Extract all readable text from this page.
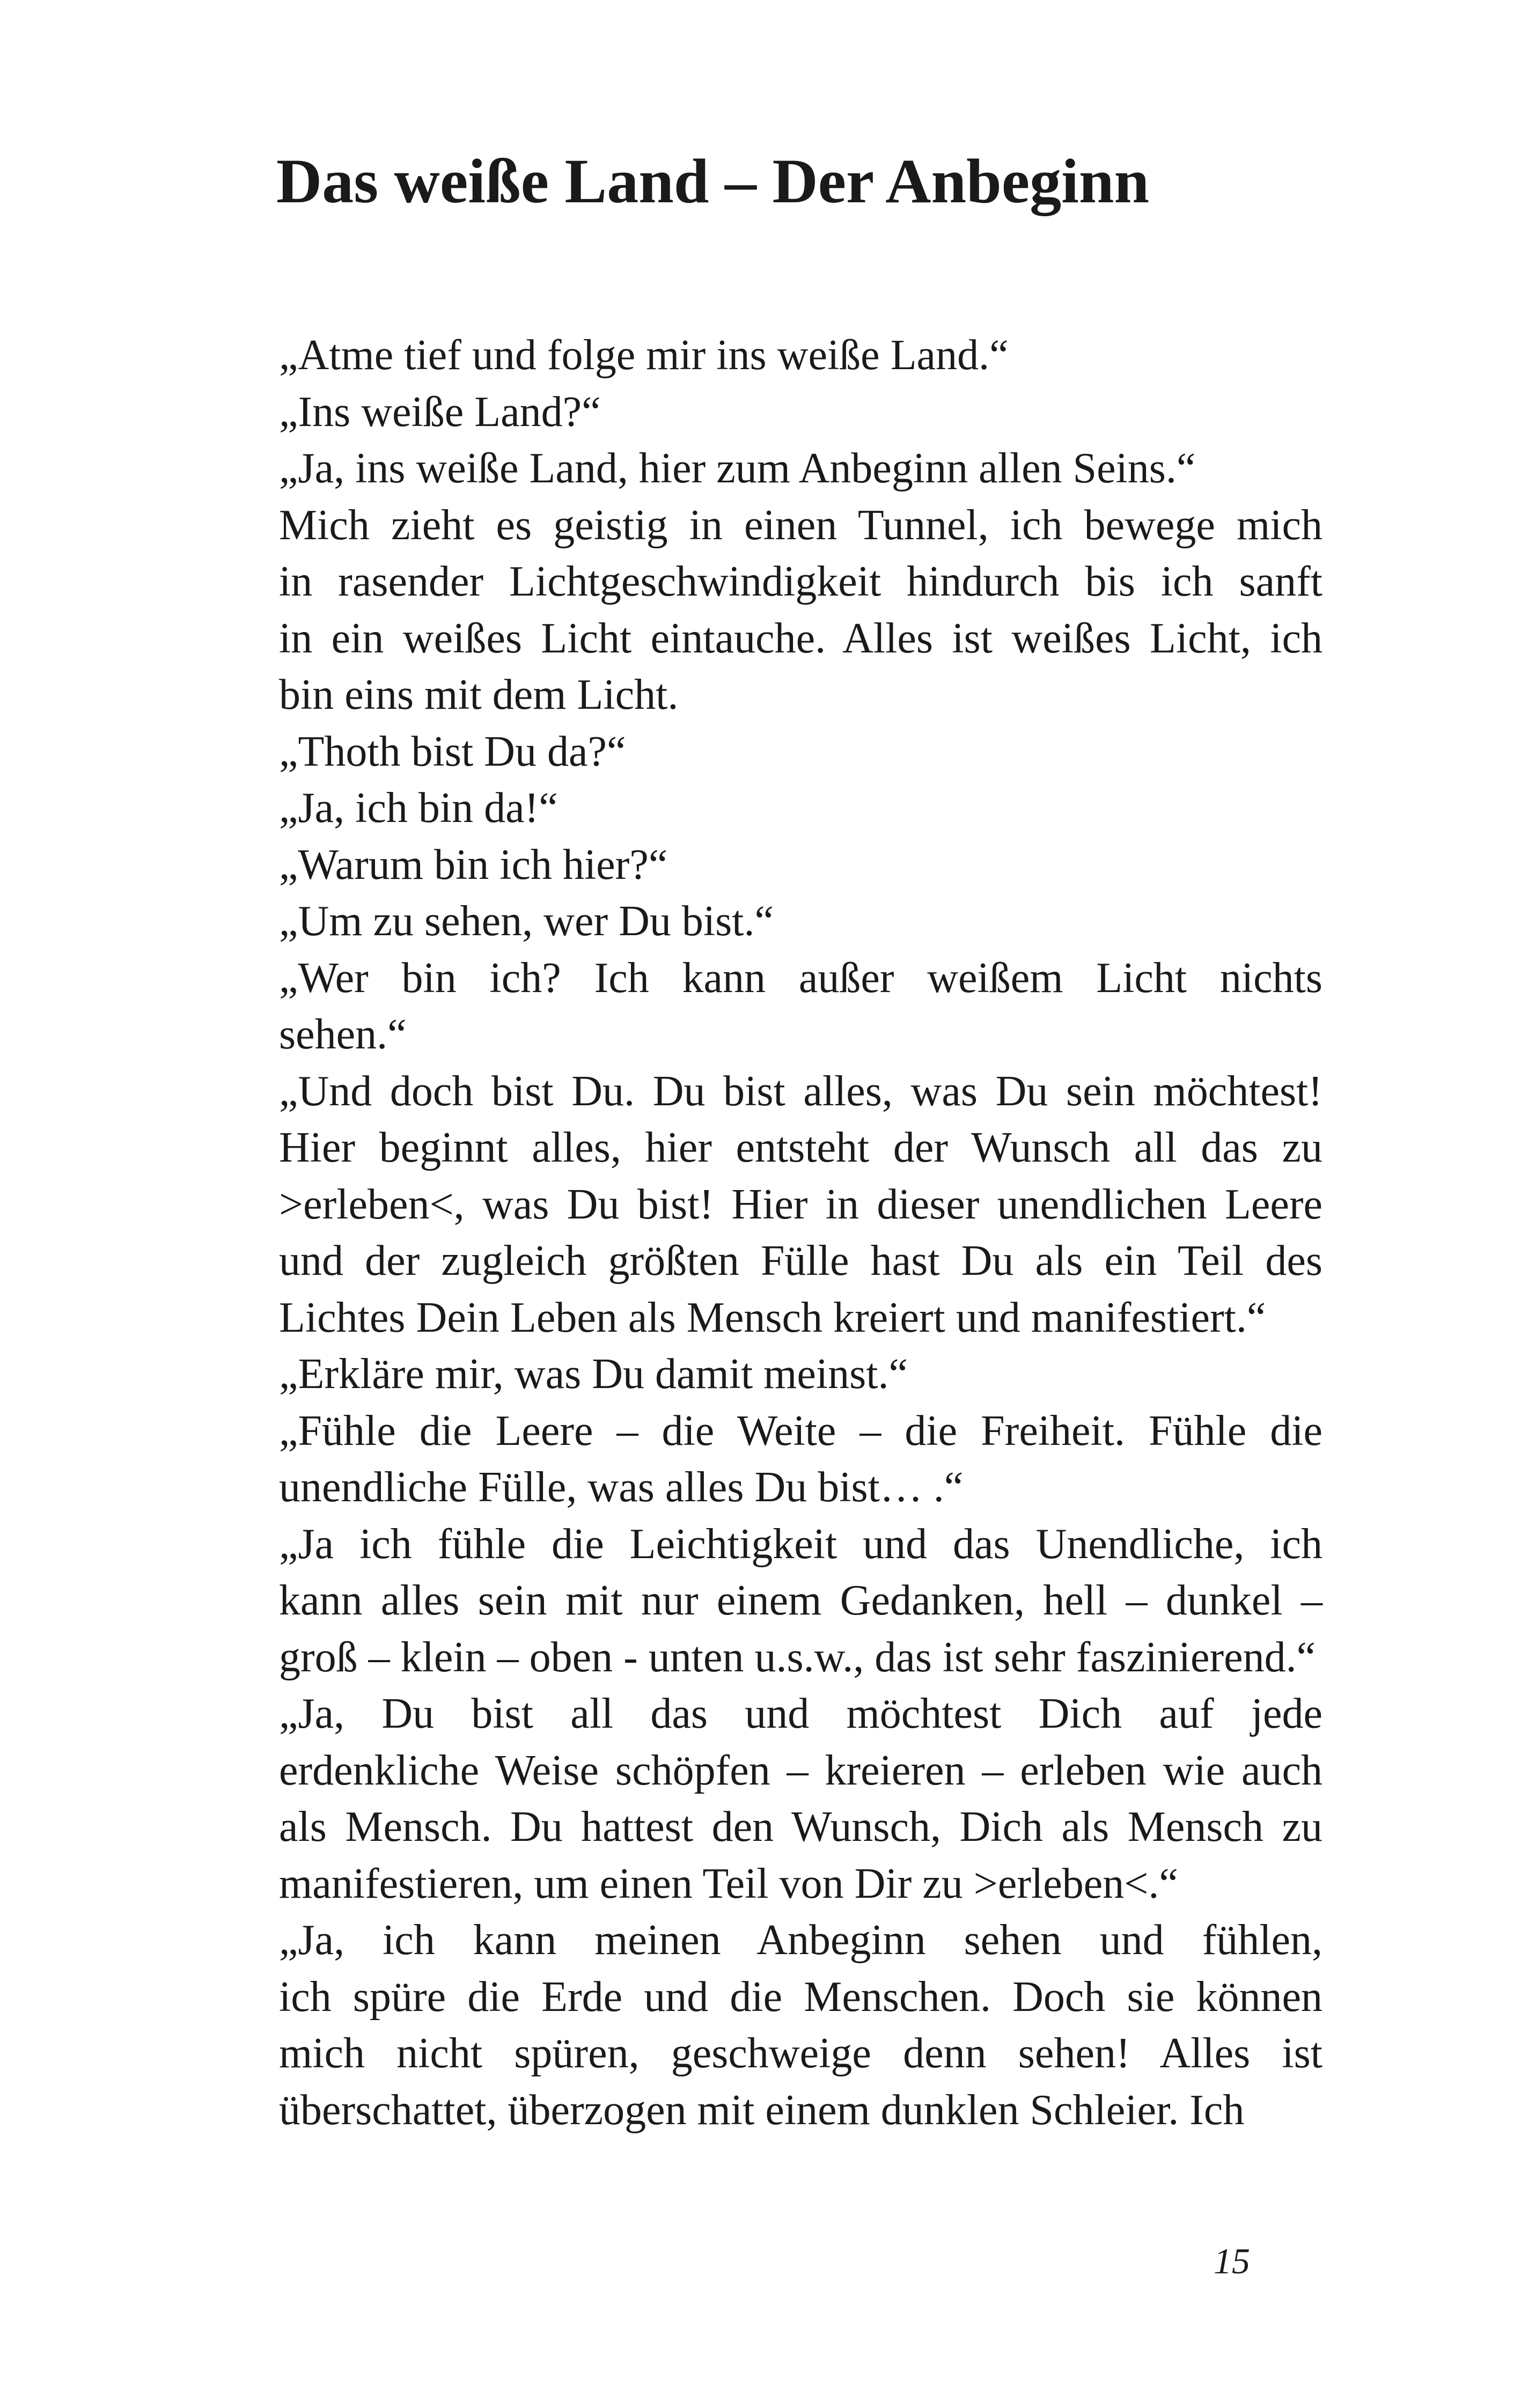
Das weiße Land – Der Anbeginn

„Atme tief und folge mir ins weiße Land.“

„Ins weiße Land?“

„Ja, ins weiße Land, hier zum Anbeginn allen Seins.“

Mich zieht es geistig in einen Tunnel, ich bewege mich
in rasender Lichtgeschwindigkeit hindurch bis ich sanft
in ein weißes Licht eintauche. Alles ist weißes Licht, ich
bin eins mit dem Licht.

„Thoth bist Du da?“

„Ja, ich bin da!“

„Warum bin ich hier?“

„Um zu sehen, wer Du bist.“

„Wer bin ich? Ich kann außer weißem Licht nichts
sehen.“

„Und doch bist Du. Du bist alles, was Du sein möchtest!
Hier beginnt alles, hier entsteht der Wunsch all das zu
>erleben<, was Du bist! Hier in dieser unendlichen Leere
und der zugleich größten Fülle hast Du als ein Teil des
Lichtes Dein Leben als Mensch kreiert und manifestiert.“

„Erkläre mir, was Du damit meinst.“

„Fühle die Leere – die Weite – die Freiheit. Fühle die
unendliche Fülle, was alles Du bist… .“

„Ja ich fühle die Leichtigkeit und das Unendliche, ich
kann alles sein mit nur einem Gedanken, hell – dunkel –
groß – klein – oben - unten u.s.w., das ist sehr faszinierend.“

„Ja, Du bist all das und möchtest Dich auf jede
erdenkliche Weise schöpfen – kreieren – erleben wie auch
als Mensch. Du hattest den Wunsch, Dich als Mensch zu
manifestieren, um einen Teil von Dir zu >erleben<.“

„Ja, ich kann meinen Anbeginn sehen und fühlen,
ich spüre die Erde und die Menschen. Doch sie können
mich nicht spüren, geschweige denn sehen! Alles ist
überschattet, überzogen mit einem dunklen Schleier. Ich

15
